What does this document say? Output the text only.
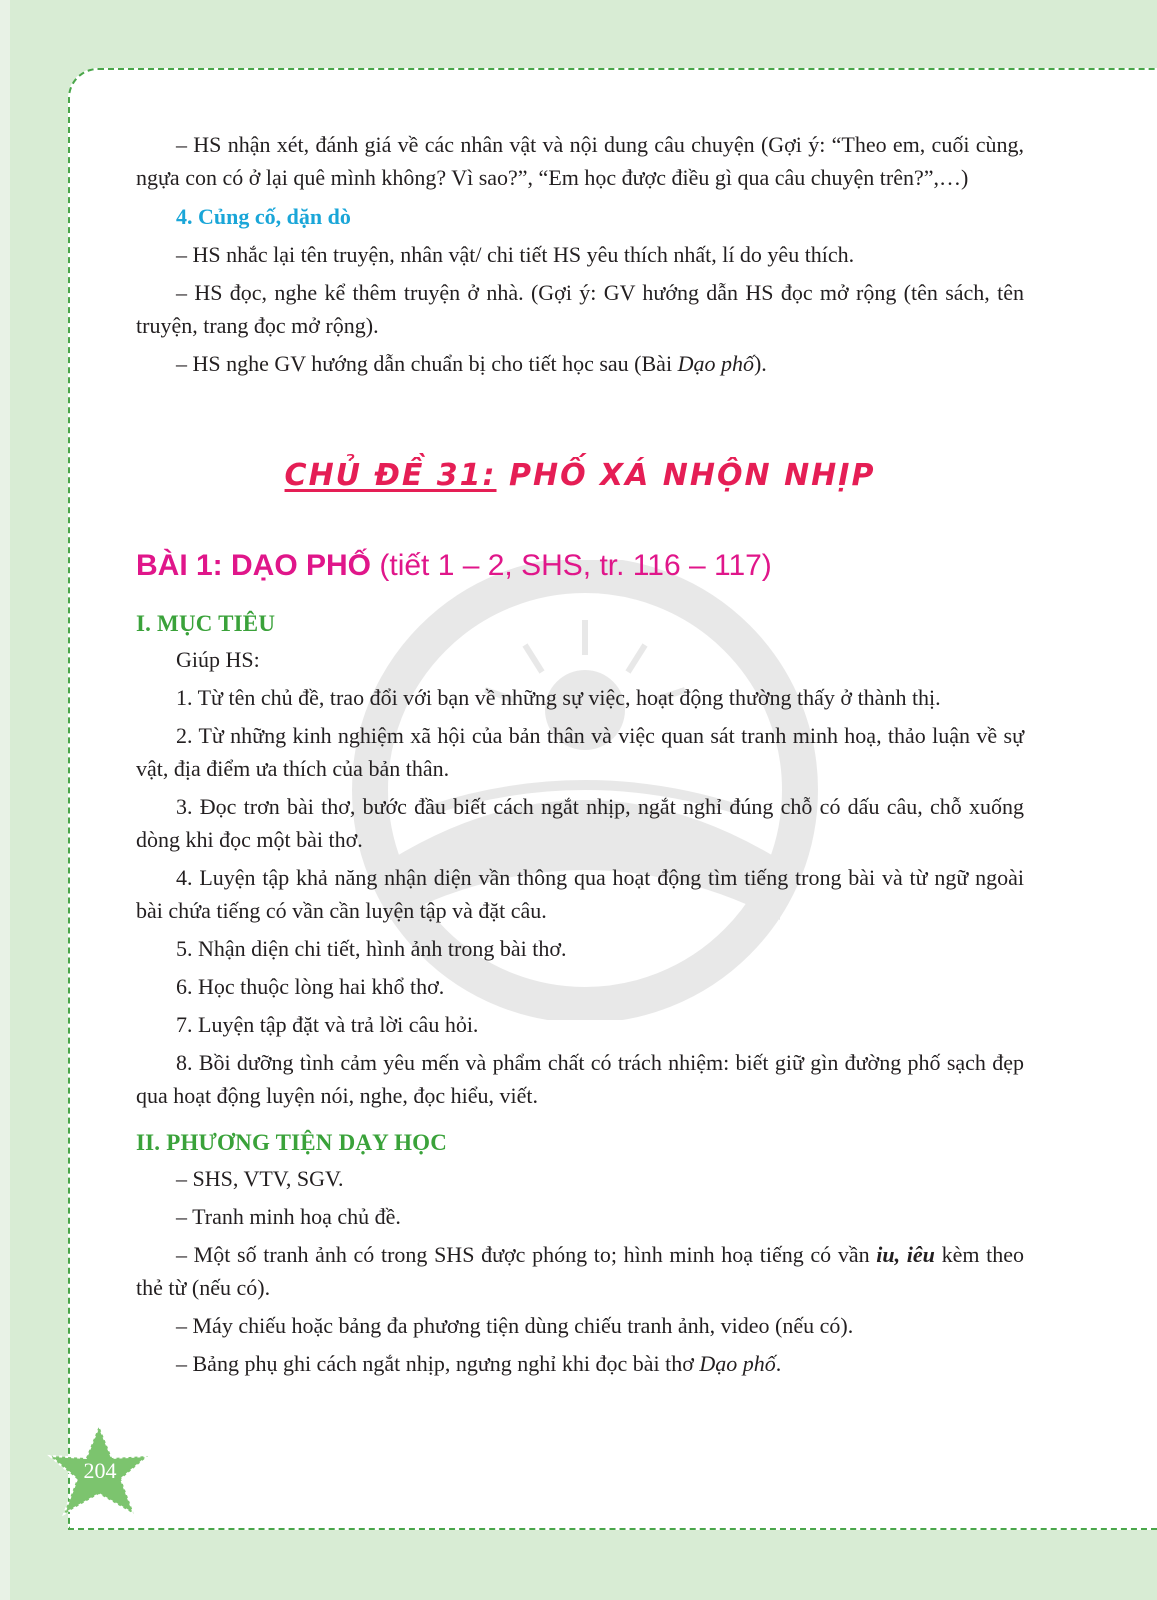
– HS nhận xét, đánh giá về các nhân vật và nội dung câu chuyện (Gợi ý: “Theo em, cuối cùng, ngựa con có ở lại quê mình không? Vì sao?”, “Em học được điều gì qua câu chuyện trên?”,…)

4. Củng cố, dặn dò

– HS nhắc lại tên truyện, nhân vật/ chi tiết HS yêu thích nhất, lí do yêu thích.

– HS đọc, nghe kể thêm truyện ở nhà. (Gợi ý: GV hướng dẫn HS đọc mở rộng (tên sách, tên truyện, trang đọc mở rộng).

– HS nghe GV hướng dẫn chuẩn bị cho tiết học sau (Bài Dạo phố).

CHỦ ĐỀ 31: PHỐ XÁ NHỘN NHỊP
BÀI 1: DẠO PHỐ (tiết 1 – 2, SHS, tr. 116 – 117)
I. MỤC TIÊU

Giúp HS:

1. Từ tên chủ đề, trao đổi với bạn về những sự việc, hoạt động thường thấy ở thành thị.

2. Từ những kinh nghiệm xã hội của bản thân và việc quan sát tranh minh hoạ, thảo luận về sự vật, địa điểm ưa thích của bản thân.

3. Đọc trơn bài thơ, bước đầu biết cách ngắt nhịp, ngắt nghỉ đúng chỗ có dấu câu, chỗ xuống dòng khi đọc một bài thơ.

4. Luyện tập khả năng nhận diện vần thông qua hoạt động tìm tiếng trong bài và từ ngữ ngoài bài chứa tiếng có vần cần luyện tập và đặt câu.

5. Nhận diện chi tiết, hình ảnh trong bài thơ.

6. Học thuộc lòng hai khổ thơ.

7. Luyện tập đặt và trả lời câu hỏi.

8. Bồi dưỡng tình cảm yêu mến và phẩm chất có trách nhiệm: biết giữ gìn đường phố sạch đẹp qua hoạt động luyện nói, nghe, đọc hiểu, viết.

II. PHƯƠNG TIỆN DẠY HỌC

– SHS, VTV, SGV.

– Tranh minh hoạ chủ đề.

– Một số tranh ảnh có trong SHS được phóng to; hình minh hoạ tiếng có vần iu, iêu kèm theo thẻ từ (nếu có).

– Máy chiếu hoặc bảng đa phương tiện dùng chiếu tranh ảnh, video (nếu có).

– Bảng phụ ghi cách ngắt nhịp, ngưng nghỉ khi đọc bài thơ Dạo phố.

204
